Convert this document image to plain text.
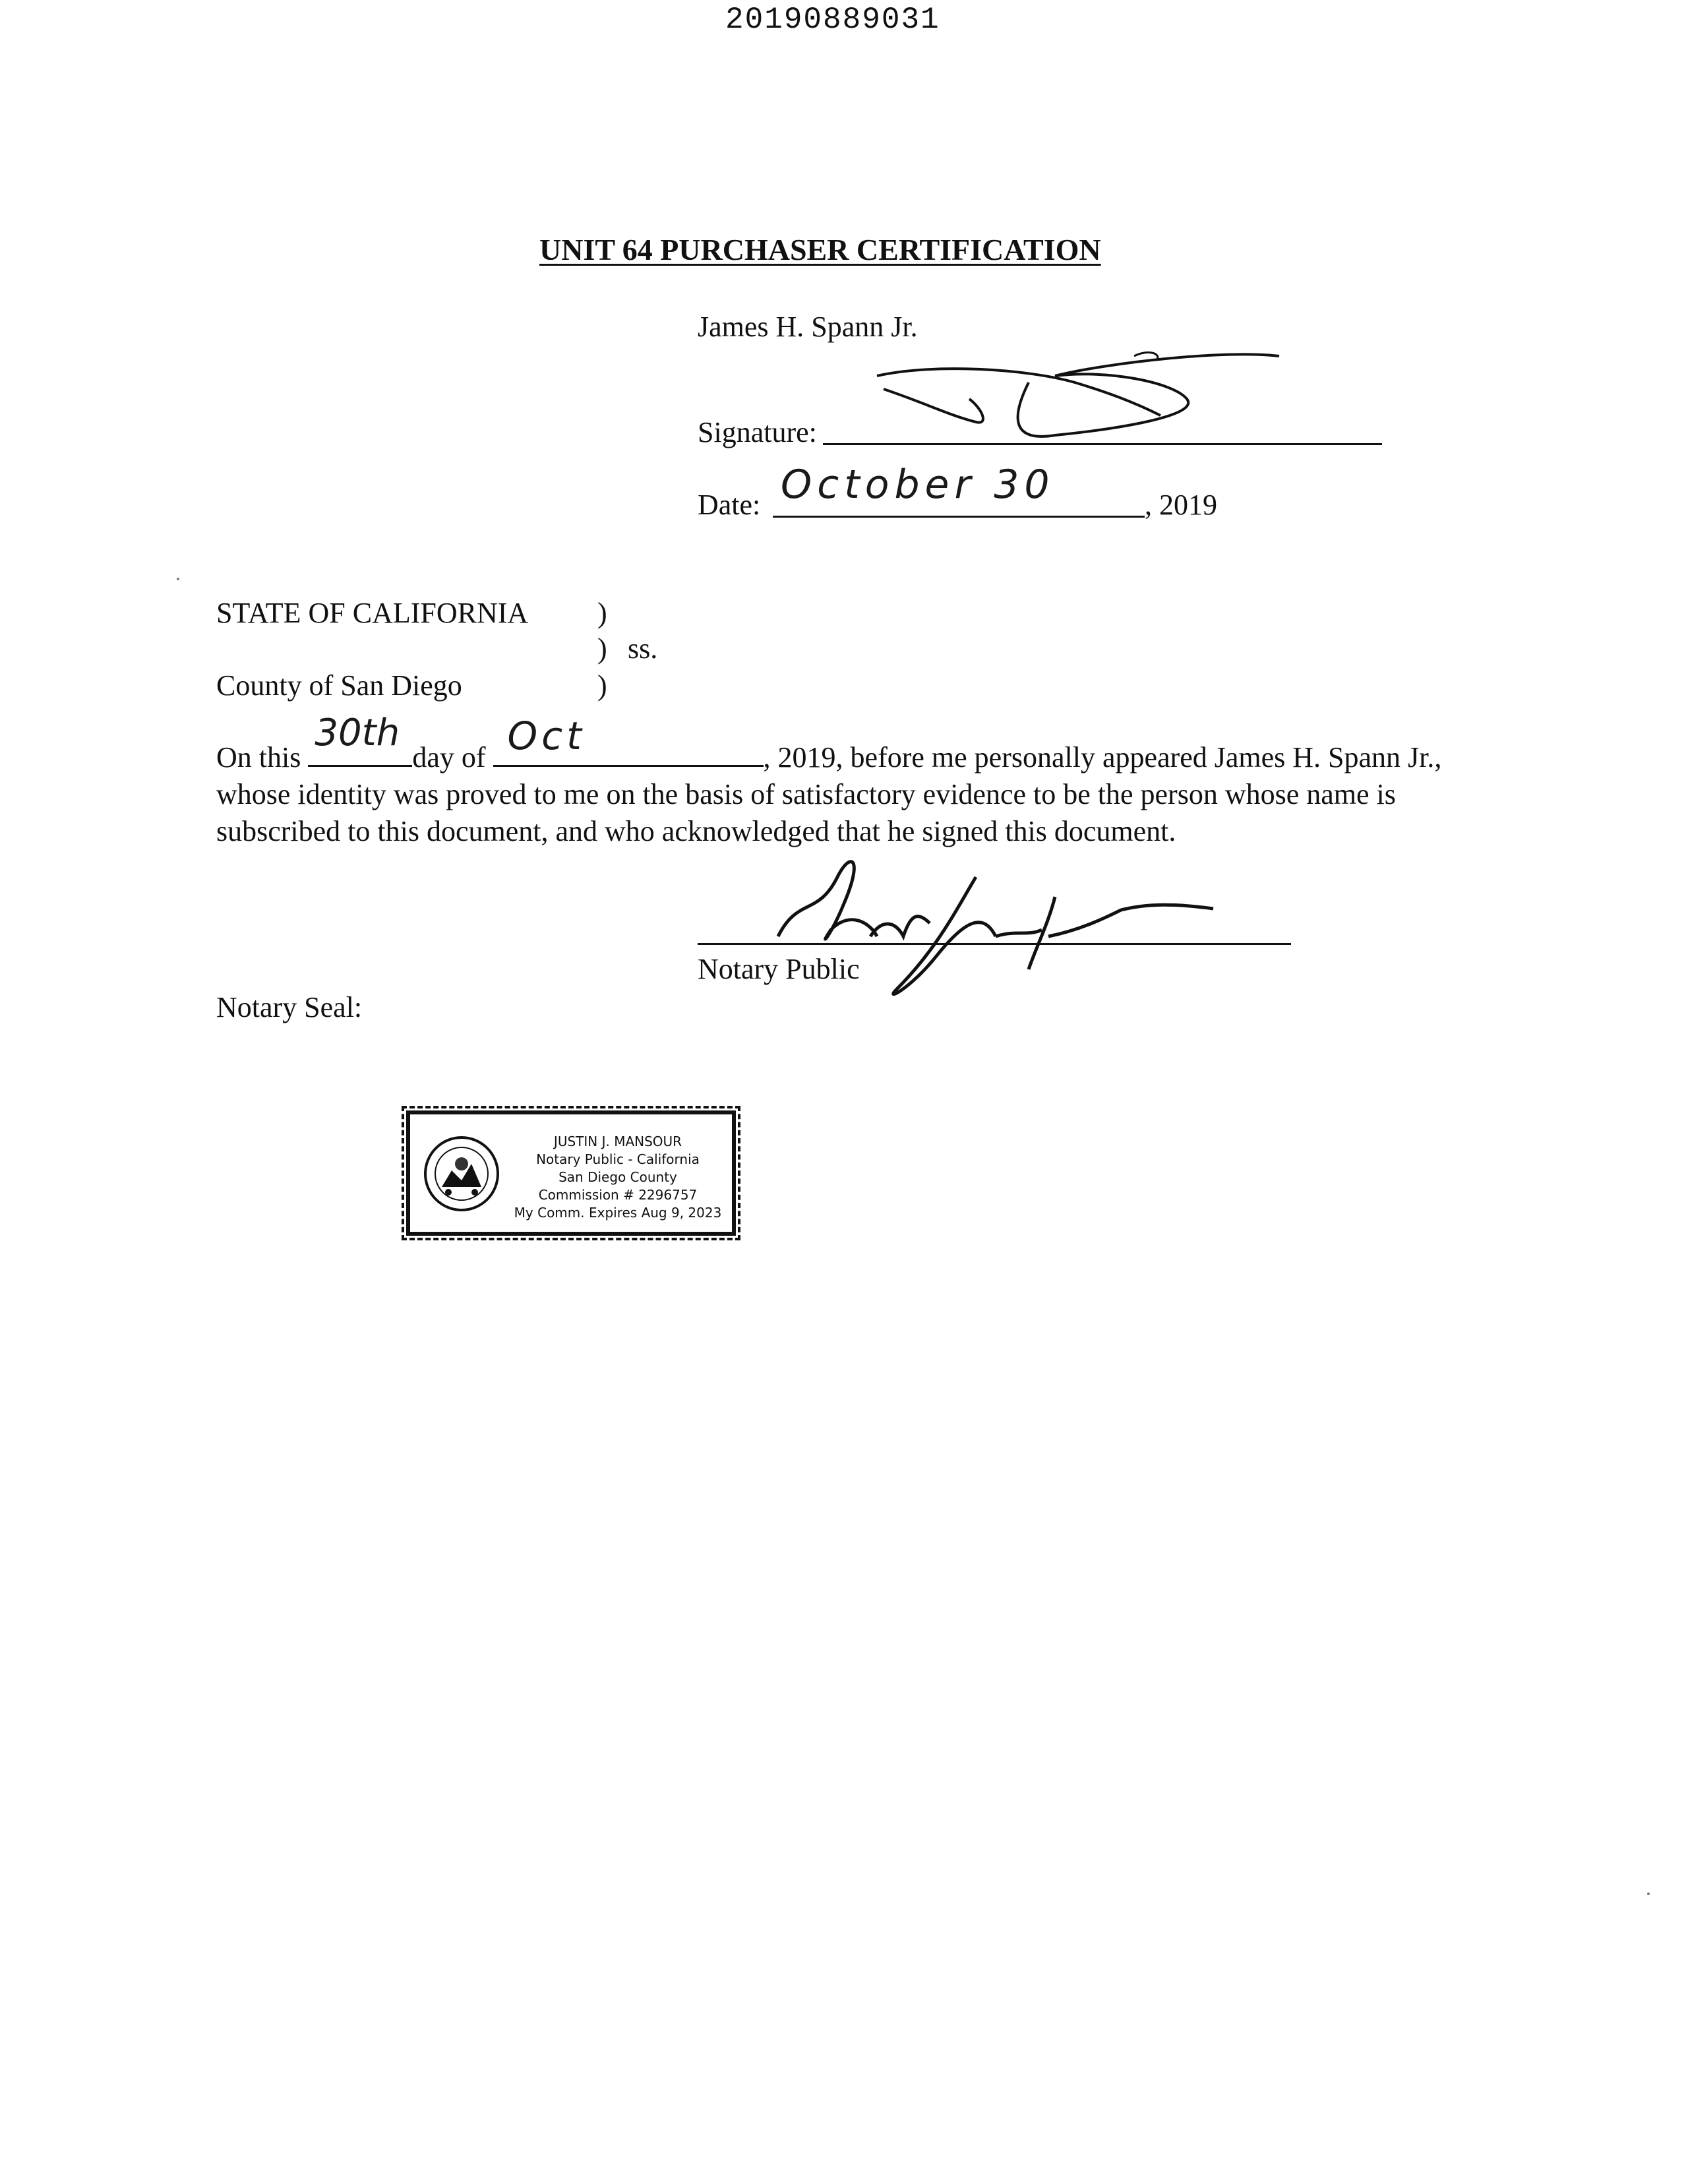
20190889031
UNIT 64 PURCHASER CERTIFICATION
James H. Spann Jr.
Signature:
Date: October 30	, 2019
STATE OF CALIFORNIA )
) ss.
County of San Diego	)
On this
30th
day of Oct	, 2019, before me personally appeared James H. Spann Jr., whose identity was proved to me on the basis of satisfactory evidence to be the person whose name is subscribed to this document, and who acknowledged that he signed this document.
Notary Public
Notary Seal:
JUSTIN J. MANSOUR
Notary Public - California
San Diego County
Commission # 2296757
My Comm. Expires Aug 9, 2023
